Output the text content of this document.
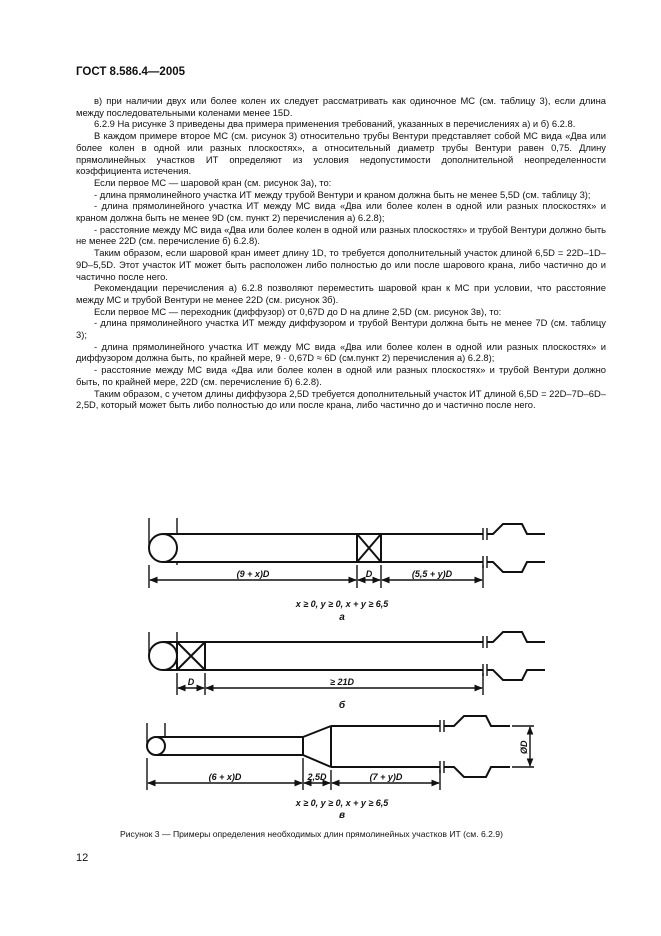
ГОСТ 8.586.4—2005

в) при наличии двух или более колен их следует рассматривать как одиночное МС (см. таблицу 3), если длина между последовательными коленами менее 15D.

6.2.9 На рисунке 3 приведены два примера применения требований, указанных в перечислениях а) и б) 6.2.8.

В каждом примере второе МС (см. рисунок 3) относительно трубы Вентури представляет собой МС вида «Два или более колен в одной или разных плоскостях», а относительный диаметр трубы Вентури равен 0,75. Длину прямолинейных участков ИТ определяют из условия недопустимости дополнительной неопределенности коэффициента истечения.

Если первое МС — шаровой кран (см. рисунок 3а), то:

- длина прямолинейного участка ИТ между трубой Вентури и краном должна быть не менее 5,5D (см. таблицу 3);

- длина прямолинейного участка ИТ между МС вида «Два или более колен в одной или разных плоскостях» и краном должна быть не менее 9D (см. пункт 2) перечисления а) 6.2.8);

- расстояние между МС вида «Два или более колен в одной или разных плоскостях» и трубой Вентури должно быть не менее 22D (см. перечисление б) 6.2.8).

Таким образом, если шаровой кран имеет длину 1D, то требуется дополнительный участок длиной 6,5D = 22D–1D–9D–5,5D. Этот участок ИТ может быть расположен либо полностью до или после шарового крана, либо частично до и частично после него.

Рекомендации перечисления а) 6.2.8 позволяют переместить шаровой кран к МС при условии, что расстояние между МС и трубой Вентури не менее 22D (см. рисунок 3б).

Если первое МС — переходник (диффузор) от 0,67D до D на длине 2,5D (см. рисунок 3в), то:

- длина прямолинейного участка ИТ между диффузором и трубой Вентури должна быть не менее 7D (см. таблицу 3);

- длина прямолинейного участка ИТ между МС вида «Два или более колен в одной или разных плоскостях» и диффузором должна быть, по крайней мере, 9 · 0,67D ≈ 6D (см.пункт 2) перечисления а) 6.2.8);

- расстояние между МС вида «Два или более колен в одной или разных плоскостях» и трубой Вентури должно быть, по крайней мере, 22D (см. перечисление б) 6.2.8).

Таким образом, с учетом длины диффузора 2,5D требуется дополнительный участок ИТ длиной 6,5D = 22D–7D–6D–2,5D, который может быть либо полностью до или после крана, либо частично до и частично после него.

(9 + x)D	D	(5,5 + y)D
x ≥ 0, y ≥ 0, x + y ≥ 6,5
а
D	≥ 21D
б
ØD
(6 + x)D	2,5D	(7 + y)D
x ≥ 0, y ≥ 0, x + y ≥ 6,5
в
Рисунок 3 — Примеры определения необходимых длин прямолинейных участков ИТ (см. 6.2.9)
12
